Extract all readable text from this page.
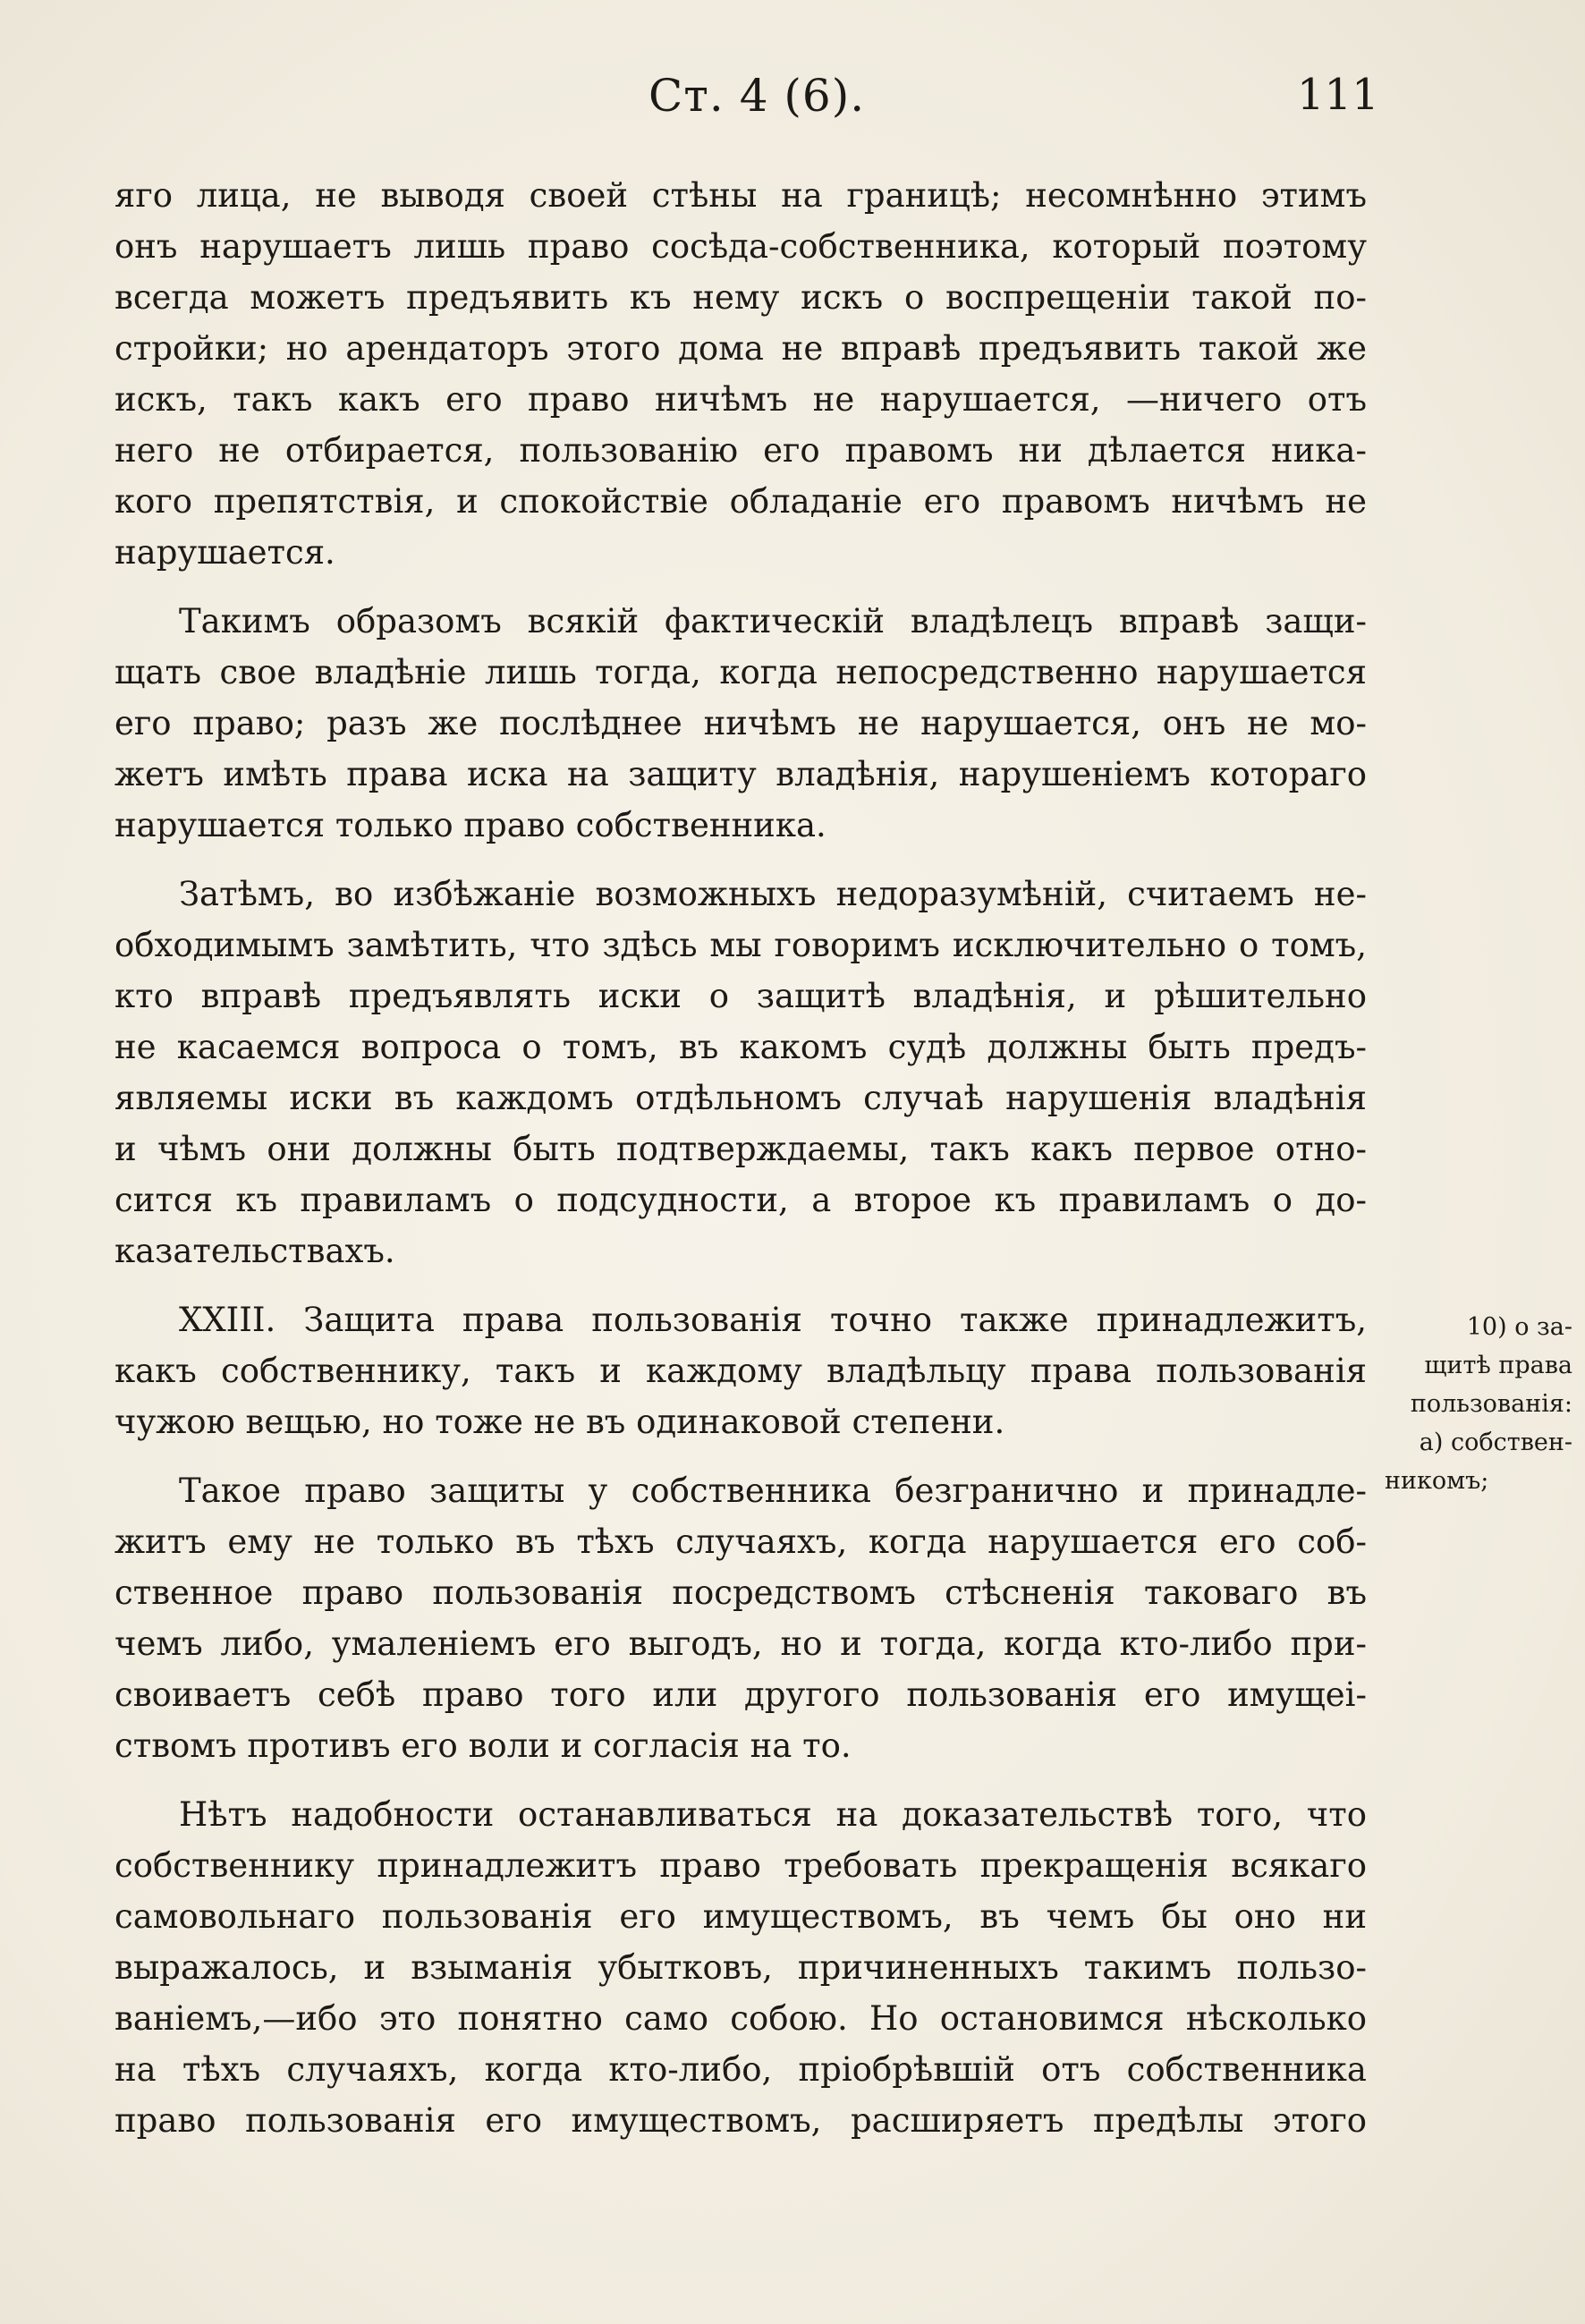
Ст. 4 (6).	111
яго лица, не выводя своей стѣны на границѣ; несомнѣнно этимъ
онъ нарушаетъ лишь право сосѣда-собственника, который поэтому
всегда можетъ предъявить къ нему искъ о воспрещеніи такой по-
стройки; но арендаторъ этого дома не вправѣ предъявить такой же
искъ, такъ какъ его право ничѣмъ не нарушается, —ничего отъ
него не отбирается, пользованію его правомъ ни дѣлается ника-
кого препятствія, и спокойствіе обладаніе его правомъ ничѣмъ не
нарушается.
Такимъ образомъ всякій фактическій владѣлецъ вправѣ защи-
щать свое владѣніе лишь тогда, когда непосредственно нарушается
его право; разъ же послѣднее ничѣмъ не нарушается, онъ не мо-
жетъ имѣть права иска на защиту владѣнія, нарушеніемъ котораго
нарушается только право собственника.
Затѣмъ, во избѣжаніе возможныхъ недоразумѣній, считаемъ не-
обходимымъ замѣтить, что здѣсь мы говоримъ исключительно о томъ,
кто вправѣ предъявлять иски о защитѣ владѣнія, и рѣшительно
не касаемся вопроса о томъ, въ какомъ судѣ должны быть предъ-
являемы иски въ каждомъ отдѣльномъ случаѣ нарушенія владѣнія
и чѣмъ они должны быть подтверждаемы, такъ какъ первое отно-
сится къ правиламъ о подсудности, а второе къ правиламъ о до-
казательствахъ.
XXIII. Защита права пользованія точно также принадлежитъ,
какъ собственнику, такъ и каждому владѣльцу права пользованія
чужою вещью, но тоже не въ одинаковой степени.
Такое право защиты у собственника безгранично и принадле-
житъ ему не только въ тѣхъ случаяхъ, когда нарушается его соб-
ственное право пользованія посредствомъ стѣсненія таковаго въ
чемъ либо, умаленіемъ его выгодъ, но и тогда, когда кто-либо при-
своиваетъ себѣ право того или другого пользованія его имущеі-
ствомъ противъ его воли и согласія на то.
Нѣтъ надобности останавливаться на доказательствѣ того, что
собственнику принадлежитъ право требовать прекращенія всякаго
самовольнаго пользованія его имуществомъ, въ чемъ бы оно ни
выражалось, и взыманія убытковъ, причиненныхъ такимъ пользо-
ваніемъ,—ибо это понятно само собою. Но остановимся нѣсколько
на тѣхъ случаяхъ, когда кто-либо, пріобрѣвшій отъ собственника
право пользованія его имуществомъ, расширяетъ предѣлы этого
10) о за-
щитѣ права
пользованія:
а) собствен-
никомъ;
